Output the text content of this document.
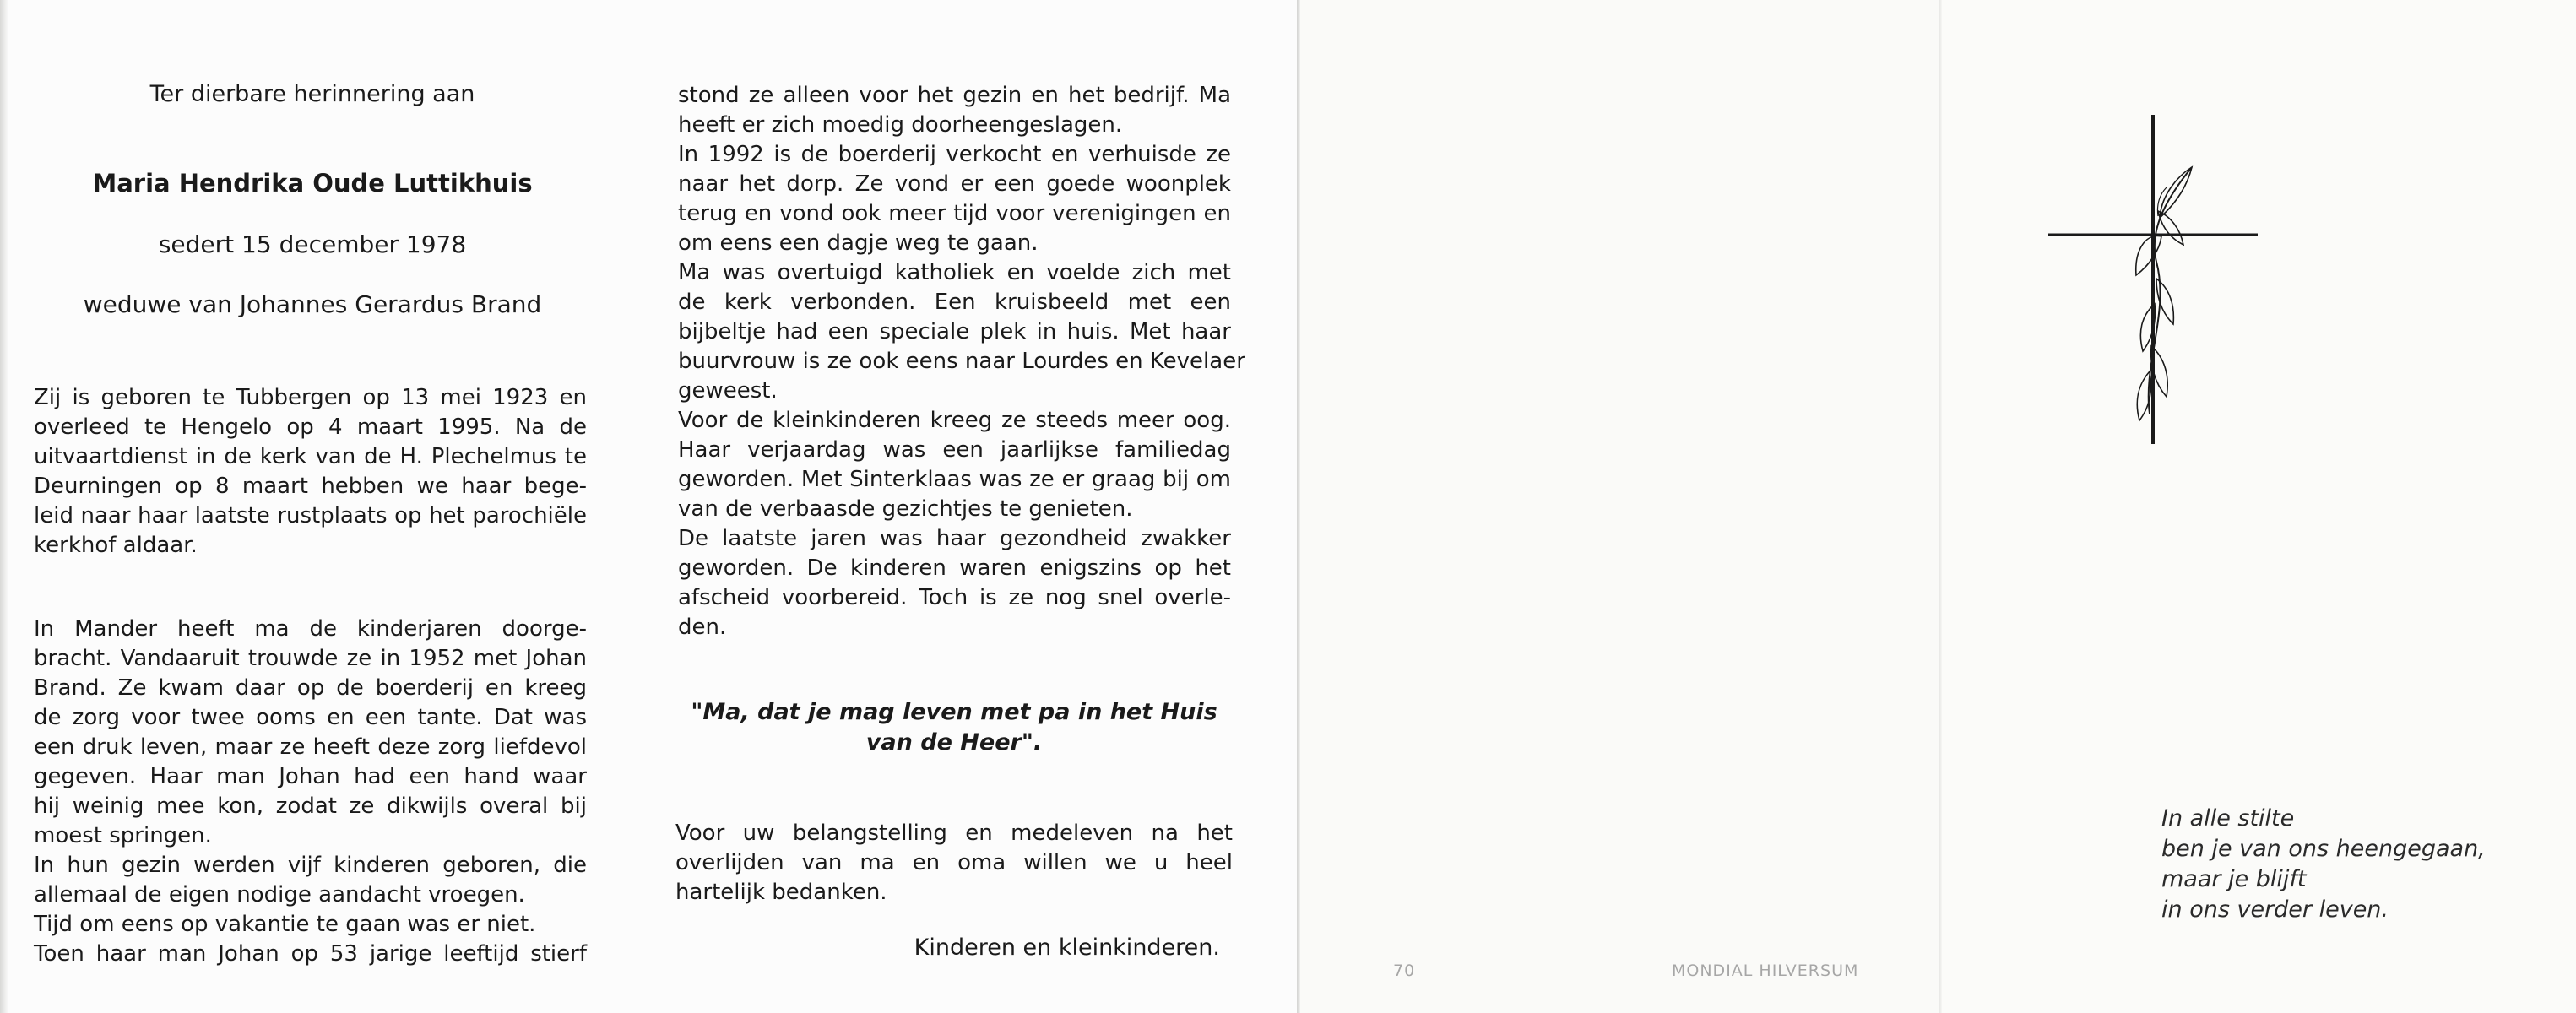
Ter dierbare herinnering aan
Maria Hendrika Oude Luttikhuis
sedert 15 december 1978
weduwe van Johannes Gerardus Brand
Zij is geboren te Tubbergen op 13 mei 1923 en
overleed te Hengelo op 4 maart 1995. Na de
uitvaartdienst in de kerk van de H. Plechelmus te
Deurningen op 8 maart hebben we haar bege-
leid naar haar laatste rustplaats op het parochiële
kerkhof aldaar.
In Mander heeft ma de kinderjaren doorge-
bracht. Vandaaruit trouwde ze in 1952 met Johan
Brand. Ze kwam daar op de boerderij en kreeg
de zorg voor twee ooms en een tante. Dat was
een druk leven, maar ze heeft deze zorg liefdevol
gegeven. Haar man Johan had een hand waar
hij weinig mee kon, zodat ze dikwijls overal bij
moest springen.
In hun gezin werden vijf kinderen geboren, die
allemaal de eigen nodige aandacht vroegen.
Tijd om eens op vakantie te gaan was er niet.
Toen haar man Johan op 53 jarige leeftijd stierf
stond ze alleen voor het gezin en het bedrijf. Ma
heeft er zich moedig doorheengeslagen.
In 1992 is de boerderij verkocht en verhuisde ze
naar het dorp. Ze vond er een goede woonplek
terug en vond ook meer tijd voor verenigingen en
om eens een dagje weg te gaan.
Ma was overtuigd katholiek en voelde zich met
de kerk verbonden. Een kruisbeeld met een
bijbeltje had een speciale plek in huis. Met haar
buurvrouw is ze ook eens naar Lourdes en Kevelaer
geweest.
Voor de kleinkinderen kreeg ze steeds meer oog.
Haar verjaardag was een jaarlijkse familiedag
geworden. Met Sinterklaas was ze er graag bij om
van de verbaasde gezichtjes te genieten.
De laatste jaren was haar gezondheid zwakker
geworden. De kinderen waren enigszins op het
afscheid voorbereid. Toch is ze nog snel overle-
den.
"Ma, dat je mag leven met pa in het Huis
van de Heer".
Voor uw belangstelling en medeleven na het
overlijden van ma en oma willen we u heel
hartelijk bedanken.
Kinderen en kleinkinderen.
70	MONDIAL HILVERSUM
In alle stilte
ben je van ons heengegaan,
maar je blijft
in ons verder leven.
